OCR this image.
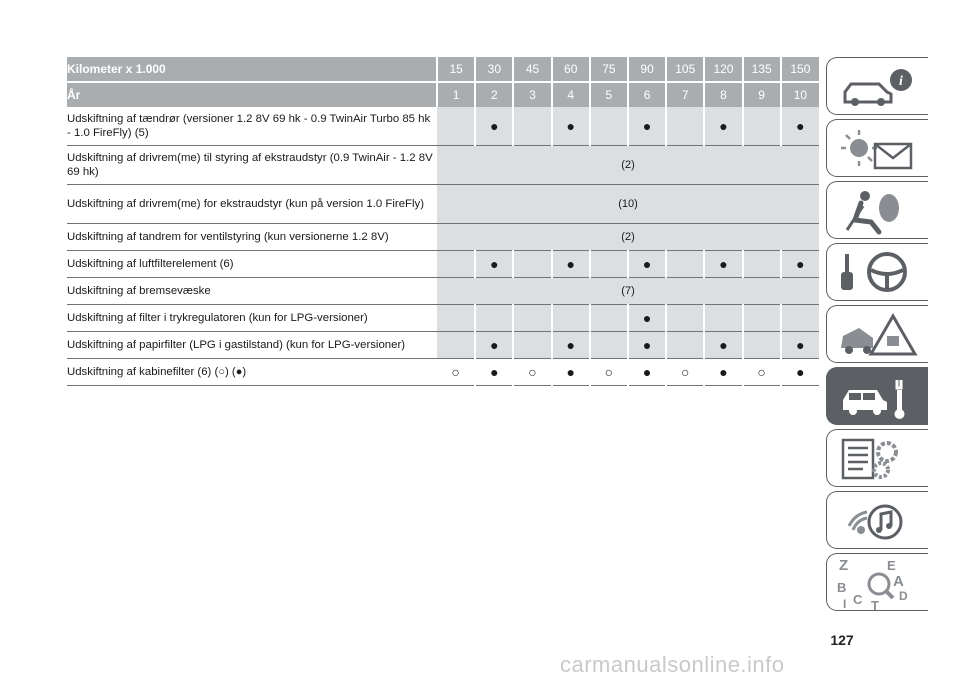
Kilometer x 1.000	15	30	45	60	75	90	105	120	135	150
År	1	2	3	4	5	6	7	8	9	10
Udskiftning af tændrør (versioner 1.2 8V 69 hk - 0.9 TwinAir Turbo 85 hk - 1.0 FireFly) (5)		●		●		●		●		●
Udskiftning af drivrem(me) til styring af ekstraudstyr (0.9 TwinAir - 1.2 8V 69 hk)	(2)									
Udskiftning af drivrem(me) for ekstraudstyr (kun på version 1.0 FireFly)	(10)									
Udskiftning af tandrem for ventilstyring (kun versionerne 1.2 8V)	(2)									
Udskiftning af luftfilterelement (6)		●		●		●		●		●
Udskiftning af bremsevæske	(7)									
Udskiftning af filter i trykregulatoren (kun for LPG-versioner)						●				
Udskiftning af papirfilter (LPG i gastilstand) (kun for LPG-versioner)		●		●		●		●		●
Udskiftning af kabinefilter (6) (○) (●)	○	●	○	●	○	●	○	●	○	●
i
Z	E
B	A
C	D
T
I
127
carmanualsonline.info
